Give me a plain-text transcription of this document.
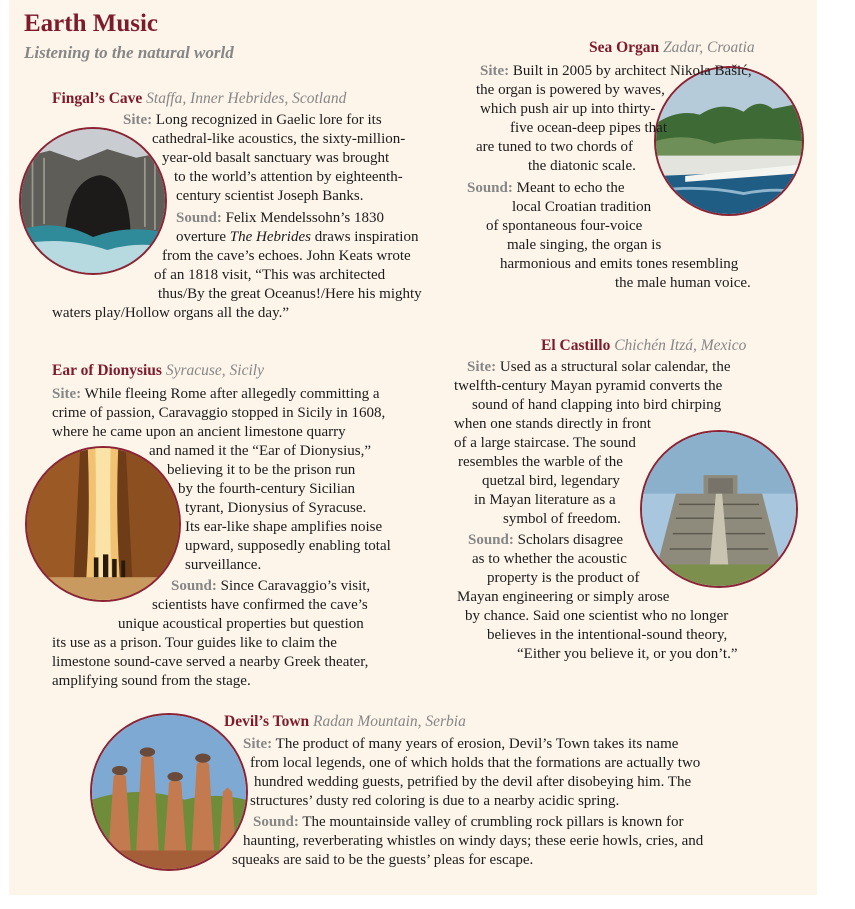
Earth Music
Listening to the natural world
Fingal’s Cave Staffa, Inner Hebrides, Scotland
Site: Long recognized in Gaelic lore for its
cathedral-like acoustics, the sixty-million-
year-old basalt sanctuary was brought
to the world’s attention by eighteenth-
century scientist Joseph Banks.
Sound: Felix Mendelssohn’s 1830
overture The Hebrides draws inspiration
from the cave’s echoes. John Keats wrote
of an 1818 visit, “This was architected
thus/By the great Oceanus!/Here his mighty
waters play/Hollow organs all the day.”
Sea Organ Zadar, Croatia
Site: Built in 2005 by architect Nikola Bašić,
the organ is powered by waves,
which push air up into thirty-
five ocean-deep pipes that
are tuned to two chords of
the diatonic scale.
Sound: Meant to echo the
local Croatian tradition
of spontaneous four-voice
male singing, the organ is
harmonious and emits tones resembling
the male human voice.
Ear of Dionysius Syracuse, Sicily
Site: While fleeing Rome after allegedly committing a
crime of passion, Caravaggio stopped in Sicily in 1608,
where he came upon an ancient limestone quarry
and named it the “Ear of Dionysius,”
believing it to be the prison run
by the fourth-century Sicilian
tyrant, Dionysius of Syracuse.
Its ear-like shape amplifies noise
upward, supposedly enabling total
surveillance.
Sound: Since Caravaggio’s visit,
scientists have confirmed the cave’s
unique acoustical properties but question
its use as a prison. Tour guides like to claim the
limestone sound-cave served a nearby Greek theater,
amplifying sound from the stage.
El Castillo Chichén Itzá, Mexico
Site: Used as a structural solar calendar, the
twelfth-century Mayan pyramid converts the
sound of hand clapping into bird chirping
when one stands directly in front
of a large staircase. The sound
resembles the warble of the
quetzal bird, legendary
in Mayan literature as a
symbol of freedom.
Sound: Scholars disagree
as to whether the acoustic
property is the product of
Mayan engineering or simply arose
by chance. Said one scientist who no longer
believes in the intentional-sound theory,
“Either you believe it, or you don’t.”
Devil’s Town Radan Mountain, Serbia
Site: The product of many years of erosion, Devil’s Town takes its name
from local legends, one of which holds that the formations are actually two
hundred wedding guests, petrified by the devil after disobeying him. The
structures’ dusty red coloring is due to a nearby acidic spring.
Sound: The mountainside valley of crumbling rock pillars is known for
haunting, reverberating whistles on windy days; these eerie howls, cries, and
squeaks are said to be the guests’ pleas for escape.
